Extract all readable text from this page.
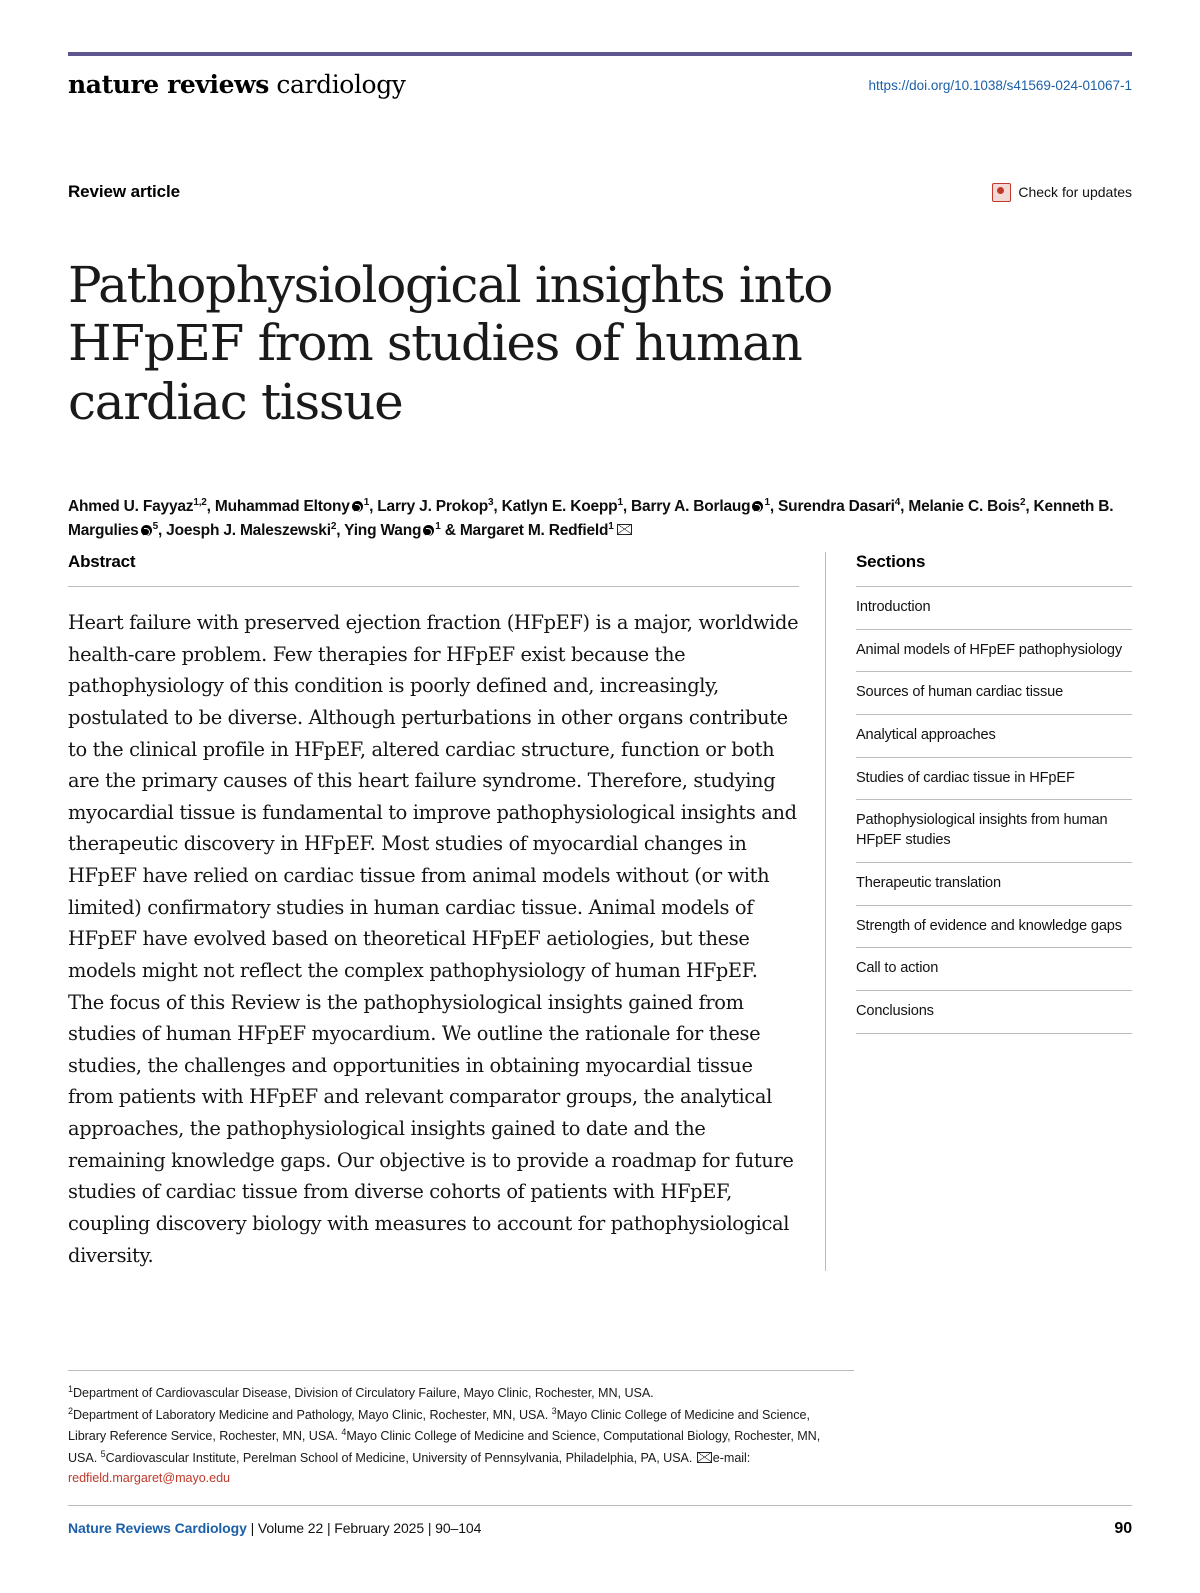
nature reviews cardiology	https://doi.org/10.1038/s41569-024-01067-1
Review article	Check for updates
Pathophysiological insights into HFpEF from studies of human cardiac tissue
Ahmed U. Fayyaz$^{1,2}$, Muhammad Eltony $^1$, Larry J. Prokop$^3$, Katlyn E. Koepp$^1$, Barry A. Borlaug $^1$, Surendra Dasari$^4$, Melanie C. Bois$^2$, Kenneth B. Margulies $^5$, Joesph J. Maleszewski$^2$, Ying Wang $^1$ & Margaret M. Redfield$^1$
Abstract
Heart failure with preserved ejection fraction (HFpEF) is a major, worldwide health-care problem. Few therapies for HFpEF exist because the pathophysiology of this condition is poorly defined and, increasingly, postulated to be diverse. Although perturbations in other organs contribute to the clinical profile in HFpEF, altered cardiac structure, function or both are the primary causes of this heart failure syndrome. Therefore, studying myocardial tissue is fundamental to improve pathophysiological insights and therapeutic discovery in HFpEF. Most studies of myocardial changes in HFpEF have relied on cardiac tissue from animal models without (or with limited) confirmatory studies in human cardiac tissue. Animal models of HFpEF have evolved based on theoretical HFpEF aetiologies, but these models might not reflect the complex pathophysiology of human HFpEF. The focus of this Review is the pathophysiological insights gained from studies of human HFpEF myocardium. We outline the rationale for these studies, the challenges and opportunities in obtaining myocardial tissue from patients with HFpEF and relevant comparator groups, the analytical approaches, the pathophysiological insights gained to date and the remaining knowledge gaps. Our objective is to provide a roadmap for future studies of cardiac tissue from diverse cohorts of patients with HFpEF, coupling discovery biology with measures to account for pathophysiological diversity.
Sections
Introduction
Animal models of HFpEF pathophysiology
Sources of human cardiac tissue
Analytical approaches
Studies of cardiac tissue in HFpEF
Pathophysiological insights from human HFpEF studies
Therapeutic translation
Strength of evidence and knowledge gaps
Call to action
Conclusions
$^1$Department of Cardiovascular Disease, Division of Circulatory Failure, Mayo Clinic, Rochester, MN, USA.
$^2$Department of Laboratory Medicine and Pathology, Mayo Clinic, Rochester, MN, USA. $^3$Mayo Clinic College of Medicine and Science, Library Reference Service, Rochester, MN, USA. $^4$Mayo Clinic College of Medicine and Science, Computational Biology, Rochester, MN, USA. $^5$Cardiovascular Institute, Perelman School of Medicine, University of Pennsylvania, Philadelphia, PA, USA. e-mail: redfield.margaret@mayo.edu
Nature Reviews Cardiology | Volume 22 | February 2025 | 90–104	90
